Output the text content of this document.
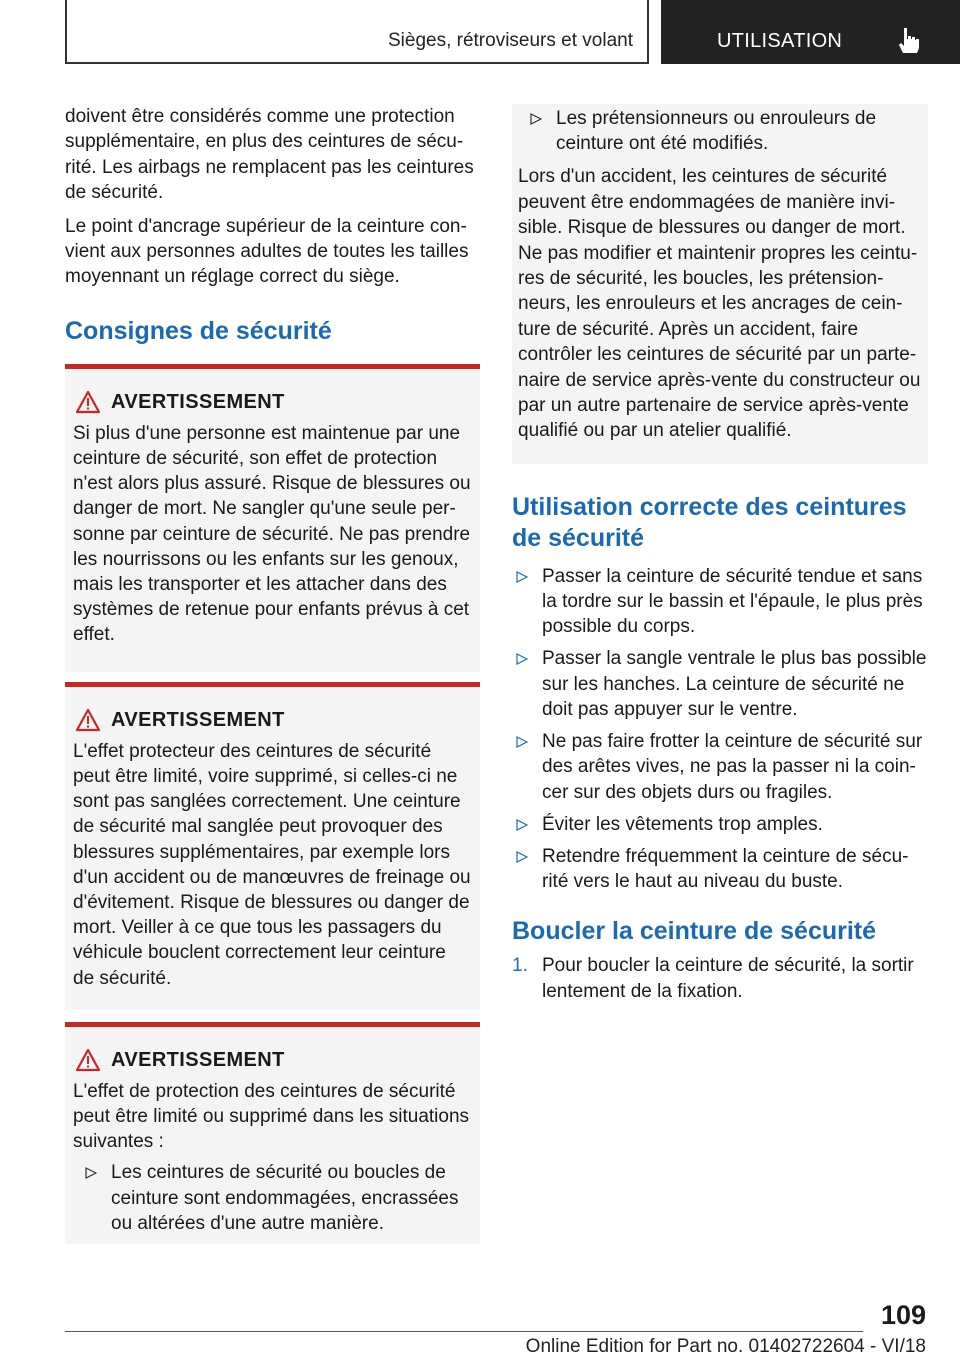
Sièges, rétroviseurs et volant	UTILISATION

doivent être considérés comme une protection supplémentaire, en plus des ceintures de sécurité. Les airbags ne remplacent pas les ceintures de sécurité.

Le point d'ancrage supérieur de la ceinture convient aux personnes adultes de toutes les tailles moyennant un réglage correct du siège.

Consignes de sécurité
AVERTISSEMENT

Si plus d'une personne est maintenue par une ceinture de sécurité, son effet de protection n'est alors plus assuré. Risque de blessures ou danger de mort. Ne sangler qu'une seule personne par ceinture de sécurité. Ne pas prendre les nourrissons ou les enfants sur les genoux, mais les transporter et les attacher dans des systèmes de retenue pour enfants prévus à cet effet.

AVERTISSEMENT

L'effet protecteur des ceintures de sécurité peut être limité, voire supprimé, si celles-ci ne sont pas sanglées correctement. Une ceinture de sécurité mal sanglée peut provoquer des blessures supplémentaires, par exemple lors d'un accident ou de manœuvres de freinage ou d'évitement. Risque de blessures ou danger de mort. Veiller à ce que tous les passagers du véhicule bouclent correctement leur ceinture de sécurité.

AVERTISSEMENT

L'effet de protection des ceintures de sécurité peut être limité ou supprimé dans les situations suivantes :

Les ceintures de sécurité ou boucles de ceinture sont endommagées, encrassées ou altérées d'une autre manière.
Les prétensionneurs ou enrouleurs de ceinture ont été modifiés.

Lors d'un accident, les ceintures de sécurité peuvent être endommagées de manière invisible. Risque de blessures ou danger de mort. Ne pas modifier et maintenir propres les ceintures de sécurité, les boucles, les prétensionneurs, les enrouleurs et les ancrages de ceinture de sécurité. Après un accident, faire contrôler les ceintures de sécurité par un partenaire de service après-vente du constructeur ou par un autre partenaire de service après-vente qualifié ou par un atelier qualifié.

Utilisation correcte des ceintures de sécurité
Passer la ceinture de sécurité tendue et sans la tordre sur le bassin et l'épaule, le plus près possible du corps.
Passer la sangle ventrale le plus bas possible sur les hanches. La ceinture de sécurité ne doit pas appuyer sur le ventre.
Ne pas faire frotter la ceinture de sécurité sur des arêtes vives, ne pas la passer ni la coincer sur des objets durs ou fragiles.
Éviter les vêtements trop amples.
Retendre fréquemment la ceinture de sécurité vers le haut au niveau du buste.
Boucler la ceinture de sécurité
1. Pour boucler la ceinture de sécurité, la sortir lentement de la fixation.
109
Online Edition for Part no. 01402722604 - VI/18
